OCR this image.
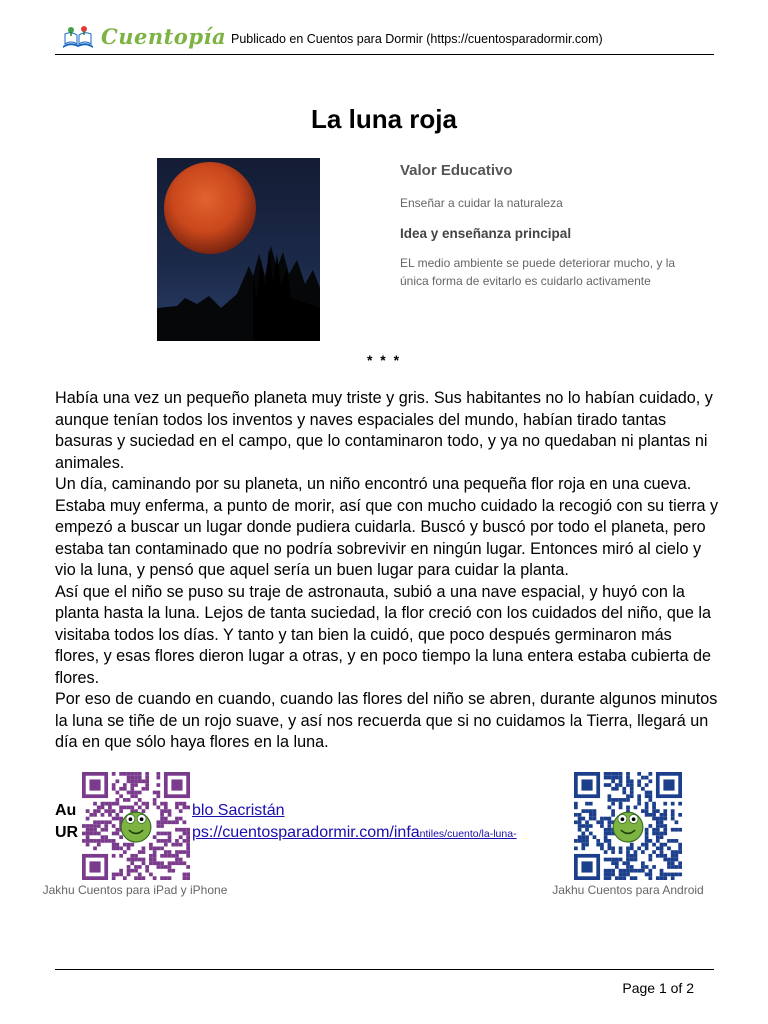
Cuentopía Publicado en Cuentos para Dormir (https://cuentosparadormir.com)
La luna roja
Valor Educativo
Enseñar a cuidar la naturaleza
Idea y enseñanza principal
EL medio ambiente se puede deteriorar mucho, y la única forma de evitarlo es cuidarlo activamente
* * *

Había una vez un pequeño planeta muy triste y gris. Sus habitantes no lo habían cuidado, y aunque tenían todos los inventos y naves espaciales del mundo, habían tirado tantas basuras y suciedad en el campo, que lo contaminaron todo, y ya no quedaban ni plantas ni animales.

Un día, caminando por su planeta, un niño encontró una pequeña flor roja en una cueva. Estaba muy enferma, a punto de morir, así que con mucho cuidado la recogió con su tierra y empezó a buscar un lugar donde pudiera cuidarla. Buscó y buscó por todo el planeta, pero estaba tan contaminado que no podría sobrevivir en ningún lugar. Entonces miró al cielo y vio la luna, y pensó que aquel sería un buen lugar para cuidar la planta.

Así que el niño se puso su traje de astronauta, subió a una nave espacial, y huyó con la planta hasta la luna. Lejos de tanta suciedad, la flor creció con los cuidados del niño, que la visitaba todos los días. Y tanto y tan bien la cuidó, que poco después germinaron más flores, y esas flores dieron lugar a otras, y en poco tiempo la luna entera estaba cubierta de flores.

Por eso de cuando en cuando, cuando las flores del niño se abren, durante algunos minutos la luna se tiñe de un rojo suave, y así nos recuerda que si no cuidamos la Tierra, llegará un día en que sólo haya flores en la luna.

Au	blo Sacristán
UR	ps://cuentosparadormir.com/infantiles/cuento/la-luna-
Jakhu Cuentos para iPad y iPhone	Jakhu Cuentos para Android
Page 1 of 2
